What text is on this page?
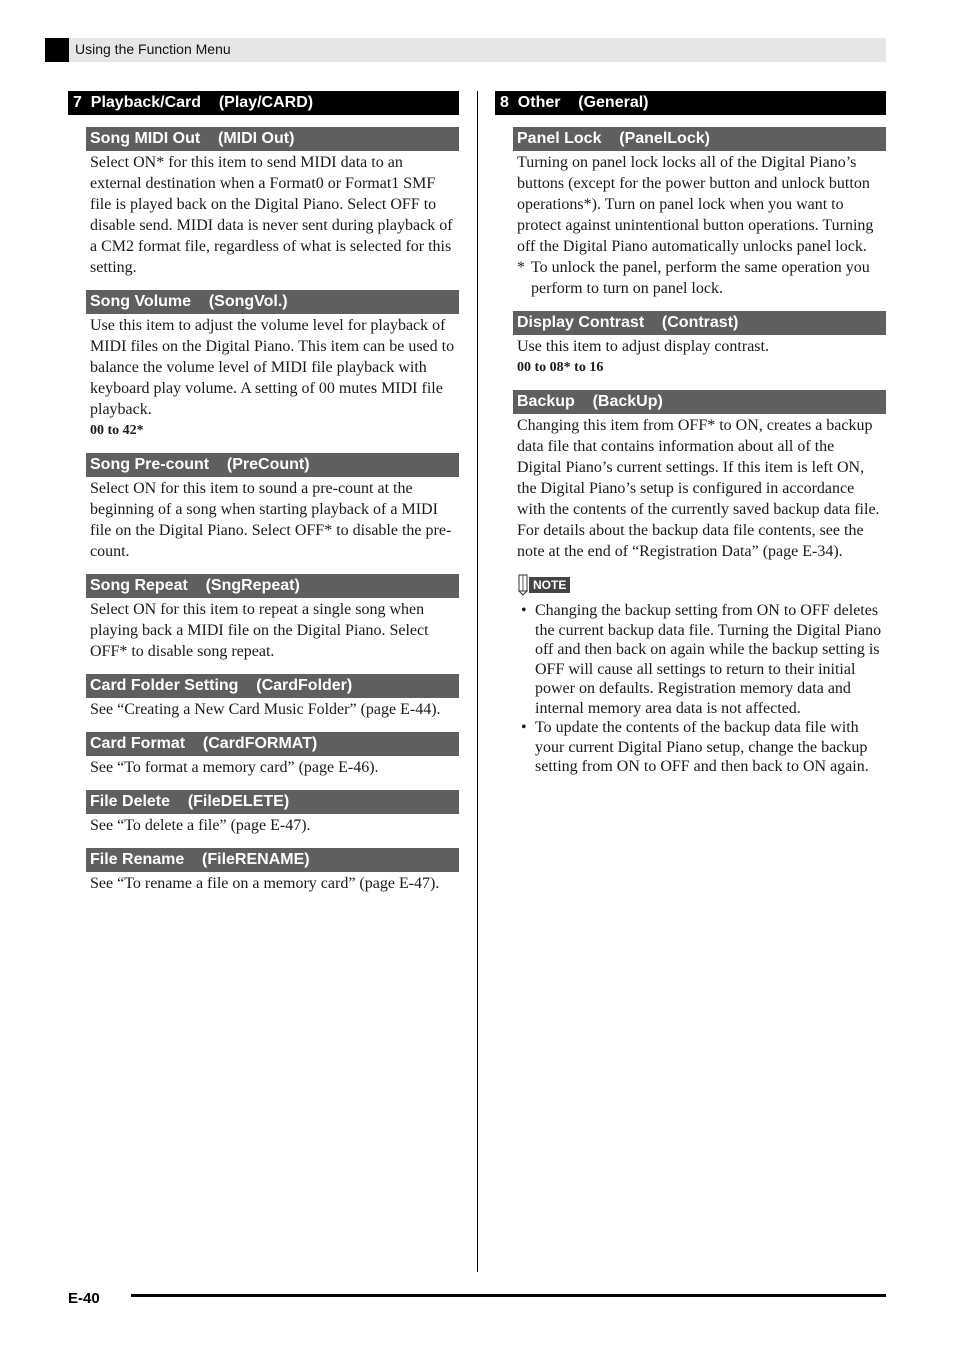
Using the Function Menu
7  Playback/Card    (Play/CARD)
Song MIDI Out    (MIDI Out)
Select ON* for this item to send MIDI data to an external destination when a Format0 or Format1 SMF file is played back on the Digital Piano. Select OFF to disable send. MIDI data is never sent during playback of a CM2 format file, regardless of what is selected for this setting.
Song Volume    (SongVol.)
Use this item to adjust the volume level for playback of MIDI files on the Digital Piano. This item can be used to balance the volume level of MIDI file playback with keyboard play volume. A setting of 00 mutes MIDI file playback.
00 to 42*
Song Pre-count    (PreCount)
Select ON for this item to sound a pre-count at the beginning of a song when starting playback of a MIDI file on the Digital Piano. Select OFF* to disable the pre-count.
Song Repeat    (SngRepeat)
Select ON for this item to repeat a single song when playing back a MIDI file on the Digital Piano. Select OFF* to disable song repeat.
Card Folder Setting    (CardFolder)
See “Creating a New Card Music Folder” (page E-44).
Card Format    (CardFORMAT)
See “To format a memory card” (page E-46).
File Delete    (FileDELETE)
See “To delete a file” (page E-47).
File Rename    (FileRENAME)
See “To rename a file on a memory card” (page E-47).
8  Other    (General)
Panel Lock    (PanelLock)
Turning on panel lock locks all of the Digital Piano’s buttons (except for the power button and unlock button operations*). Turn on panel lock when you want to protect against unintentional button operations. Turning off the Digital Piano automatically unlocks panel lock.
* To unlock the panel, perform the same operation you perform to turn on panel lock.
Display Contrast    (Contrast)
Use this item to adjust display contrast.
00 to 08* to 16
Backup    (BackUp)
Changing this item from OFF* to ON, creates a backup data file that contains information about all of the Digital Piano’s current settings. If this item is left ON, the Digital Piano’s setup is configured in accordance with the contents of the currently saved backup data file. For details about the backup data file contents, see the note at the end of “Registration Data” (page E-34).
NOTE
• Changing the backup setting from ON to OFF deletes the current backup data file. Turning the Digital Piano off and then back on again while the backup setting is OFF will cause all settings to return to their initial power on defaults. Registration memory data and internal memory area data is not affected.
• To update the contents of the backup data file with your current Digital Piano setup, change the backup setting from ON to OFF and then back to ON again.
E-40
